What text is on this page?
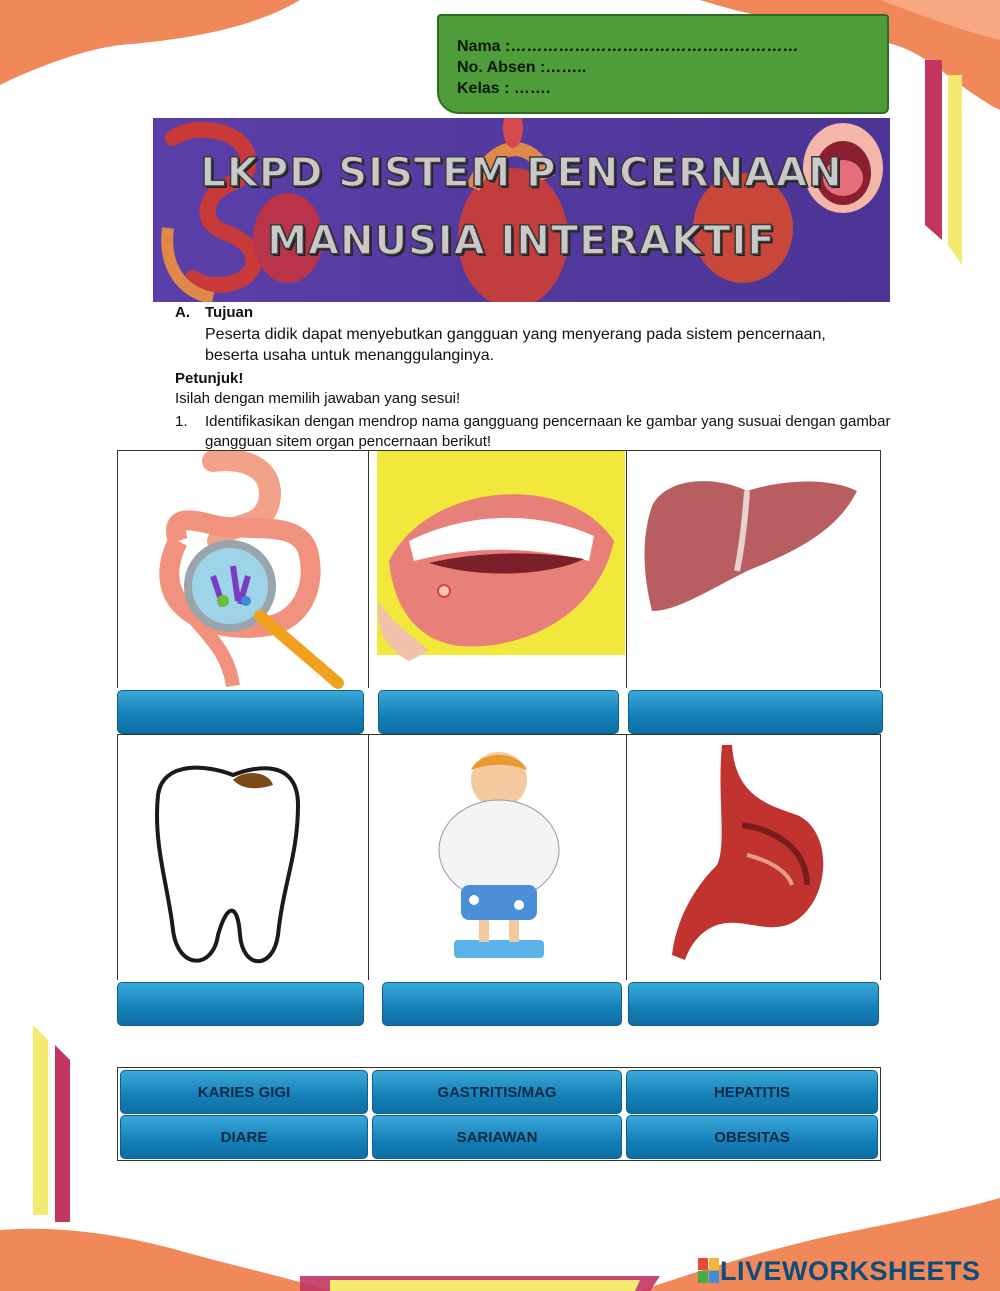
Nama :………………………………………………
No. Absen :……..
Kelas : …….
LKPD SISTEM PENCERNAAN
MANUSIA INTERAKTIF
A. Tujuan
Peserta didik dapat menyebutkan gangguan yang menyerang pada sistem pencernaan,
beserta usaha untuk menanggulanginya.
Petunjuk!
Isilah dengan memilih jawaban yang sesui!
1. Identifikasikan dengan mendrop nama gangguang pencernaan ke gambar yang susuai dengan gambar
gangguan sitem organ pencernaan berikut!
KARIES GIGI	GASTRITIS/MAG	HEPATITIS
DIARE	SARIAWAN	OBESITAS
LIVEWORKSHEETS
